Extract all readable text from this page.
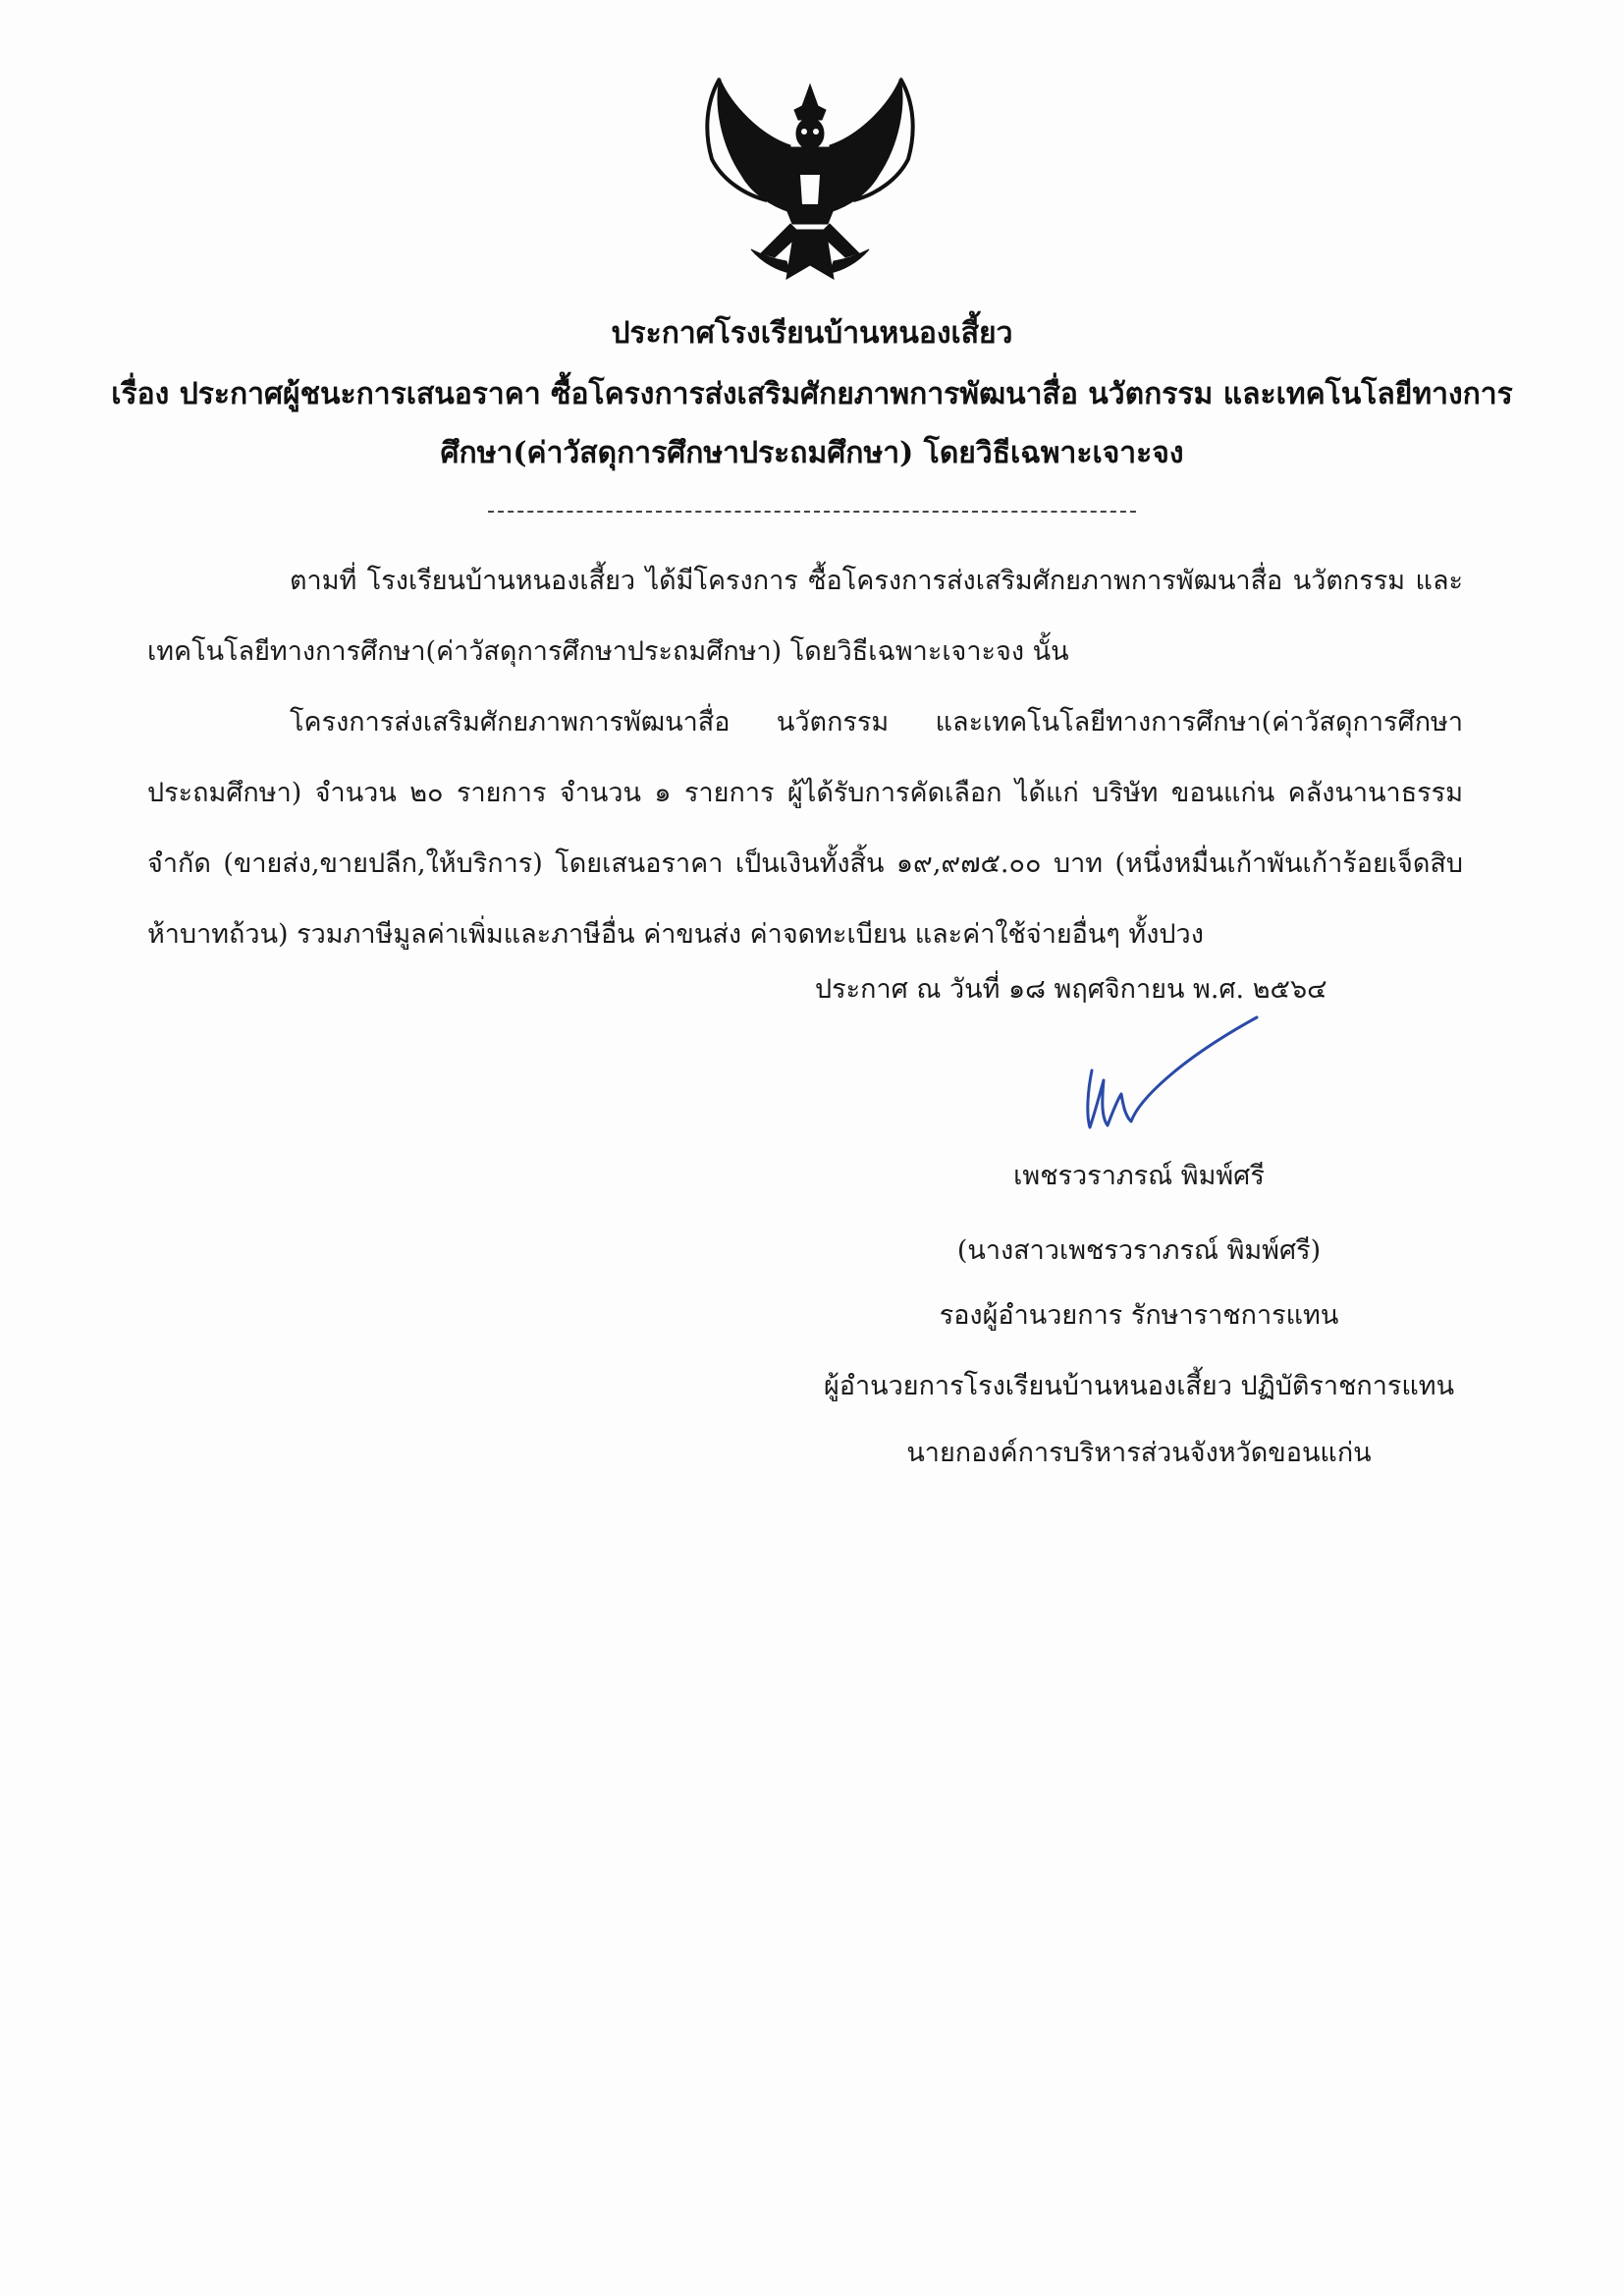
ประกาศโรงเรียนบ้านหนองเสี้ยว
เรื่อง ประกาศผู้ชนะการเสนอราคา ซื้อโครงการส่งเสริมศักยภาพการพัฒนาสื่อ นวัตกรรม และเทคโนโลยีทางการ
ศึกษา(ค่าวัสดุการศึกษาประถมศึกษา) โดยวิธีเฉพาะเจาะจง
ตามที่ โรงเรียนบ้านหนองเสี้ยว ได้มีโครงการ ซื้อโครงการส่งเสริมศักยภาพการพัฒนาสื่อ นวัตกรรม และเทคโนโลยีทางการศึกษา(ค่าวัสดุการศึกษาประถมศึกษา) โดยวิธีเฉพาะเจาะจง นั้น
โครงการส่งเสริมศักยภาพการพัฒนาสื่อ นวัตกรรม และเทคโนโลยีทางการศึกษา(ค่าวัสดุการศึกษาประถมศึกษา) จำนวน ๒๐ รายการ จำนวน ๑ รายการ ผู้ได้รับการคัดเลือก ได้แก่ บริษัท ขอนแก่น คลังนานาธรรม จำกัด (ขายส่ง,ขายปลีก,ให้บริการ) โดยเสนอราคา เป็นเงินทั้งสิ้น ๑๙,๙๗๕.๐๐ บาท (หนึ่งหมื่นเก้าพันเก้าร้อยเจ็ดสิบห้าบาทถ้วน) รวมภาษีมูลค่าเพิ่มและภาษีอื่น ค่าขนส่ง ค่าจดทะเบียน และค่าใช้จ่ายอื่นๆ ทั้งปวง
ประกาศ ณ วันที่ ๑๘ พฤศจิกายน พ.ศ. ๒๕๖๔
เพชรวราภรณ์ พิมพ์ศรี
(นางสาวเพชรวราภรณ์ พิมพ์ศรี)
รองผู้อำนวยการ รักษาราชการแทน
ผู้อำนวยการโรงเรียนบ้านหนองเสี้ยว ปฏิบัติราชการแทน
นายกองค์การบริหารส่วนจังหวัดขอนแก่น
